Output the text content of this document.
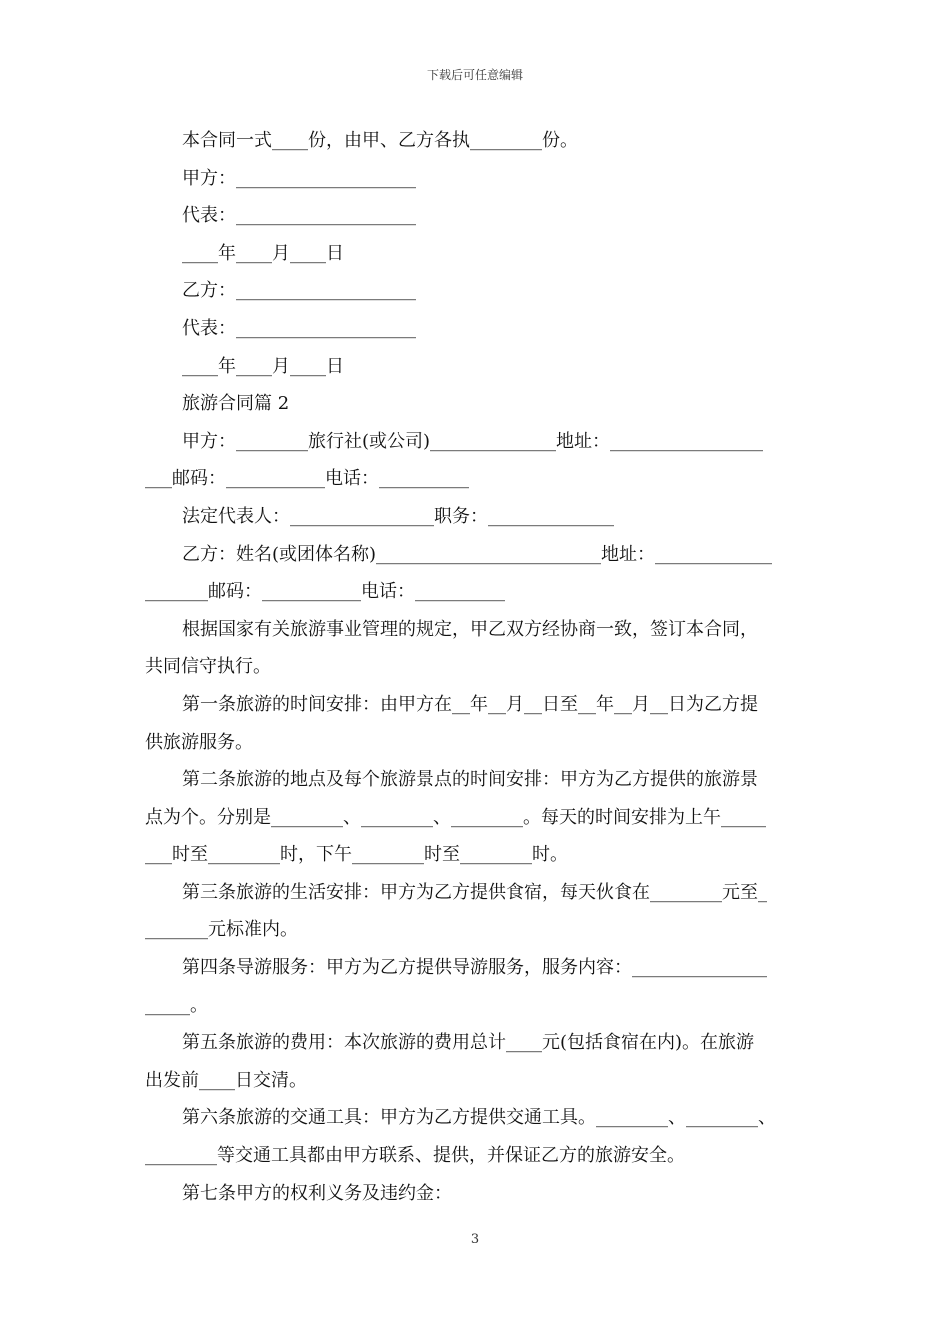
下载后可任意编辑

本合同一式____份，由甲、乙方各执________份。

甲方：____________________

代表：____________________

____年____月____日

乙方：____________________

代表：____________________

____年____月____日

旅游合同篇 2

甲方：________旅行社(或公司)______________地址：_________________

___邮码：___________电话：__________

法定代表人：________________职务：______________

乙方：姓名(或团体名称)_________________________地址：_____________

_______邮码：___________电话：__________

根据国家有关旅游事业管理的规定，甲乙双方经协商一致，签订本合同，

共同信守执行。

第一条旅游的时间安排：由甲方在__年__月__日至__年__月__日为乙方提

供旅游服务。

第二条旅游的地点及每个旅游景点的时间安排：甲方为乙方提供的旅游景

点为个。分别是________、________、________。每天的时间安排为上午_____

___时至________时，下午________时至________时。

第三条旅游的生活安排：甲方为乙方提供食宿，每天伙食在________元至_

_______元标准内。

第四条导游服务：甲方为乙方提供导游服务，服务内容：_______________

_____。

第五条旅游的费用：本次旅游的费用总计____元(包括食宿在内)。在旅游

出发前____日交清。

第六条旅游的交通工具：甲方为乙方提供交通工具。________、________、

________等交通工具都由甲方联系、提供，并保证乙方的旅游安全。

第七条甲方的权利义务及违约金：

3
